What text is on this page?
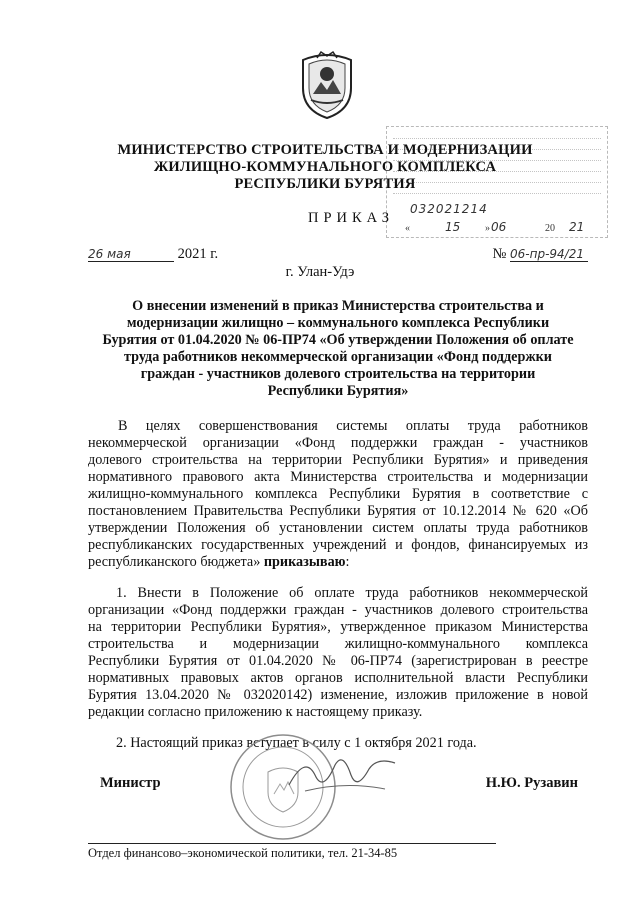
032021214
«	15 »06	20 21
МИНИСТЕРСТВО СТРОИТЕЛЬСТВА И МОДЕРНИЗАЦИИ
ЖИЛИЩНО-КОММУНАЛЬНОГО КОМПЛЕКСА
РЕСПУБЛИКИ БУРЯТИЯ
ПРИКАЗ
26 мая	2021 г.	№ 06-пр-94/21
г. Улан-Удэ
О внесении изменений в приказ Министерства строительства и
модернизации жилищно – коммунального комплекса Республики
Бурятия от 01.04.2020 № 06-ПР74 «Об утверждении Положения об оплате
труда работников некоммерческой организации «Фонд поддержки
граждан - участников долевого строительства на территории
Республики Бурятия»
В целях совершенствования системы оплаты труда работников
некоммерческой организации «Фонд поддержки граждан - участников
долевого строительства на территории Республики Бурятия» и приведения
нормативного правового акта Министерства строительства и модернизации
жилищно-коммунального комплекса Республики Бурятия в соответствие с
постановлением Правительства Республики Бурятия от 10.12.2014 № 620 «Об
утверждении Положения об установлении систем оплаты труда работников
республиканских государственных учреждений и фондов, финансируемых из
республиканского бюджета» приказываю:
1. Внести в Положение об оплате труда работников некоммерческой
организации «Фонд поддержки граждан - участников долевого строительства
на территории Республики Бурятия», утвержденное приказом Министерства
строительства и модернизации жилищно-коммунального комплекса
Республики Бурятия от 01.04.2020 № 06-ПР74 (зарегистрирован в реестре
нормативных правовых актов органов исполнительной власти Республики
Бурятия 13.04.2020 № 032020142) изменение, изложив приложение в новой
редакции согласно приложению к настоящему приказу.
2. Настоящий приказ вступает в силу с 1 октября 2021 года.
Министр	Н.Ю. Рузавин
Отдел финансово–экономической политики, тел. 21-34-85
